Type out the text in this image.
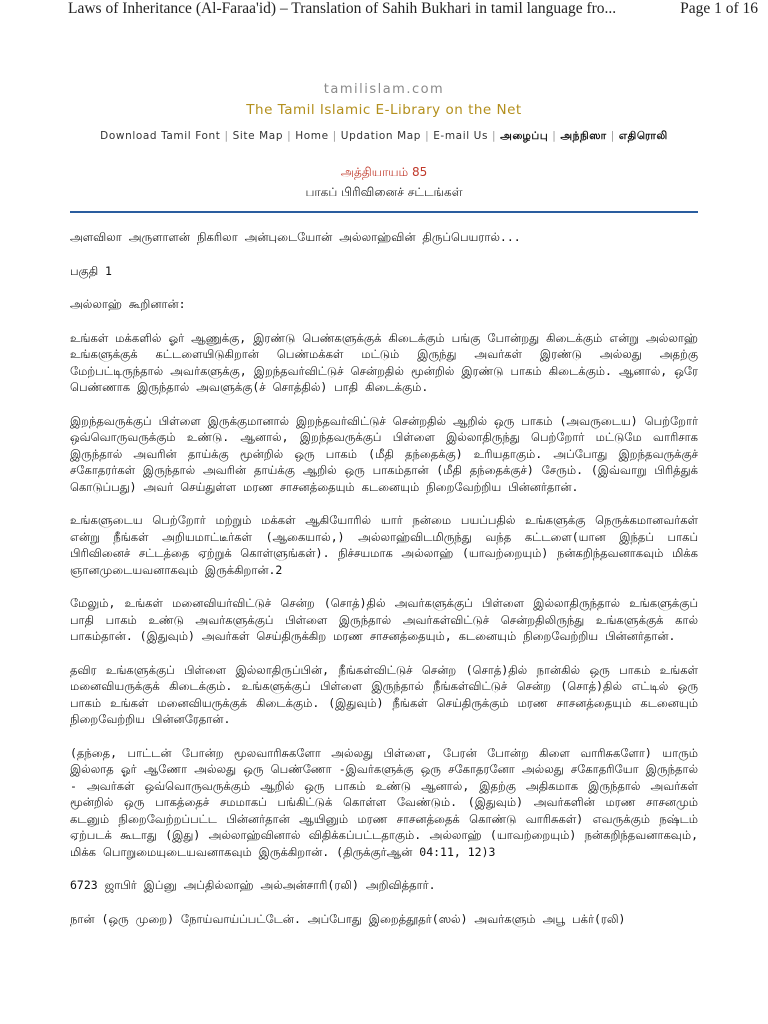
Laws of Inheritance (Al-Faraa'id) – Translation of Sahih Bukhari in tamil language fro...	Page 1 of 16
tamilislam.com
The Tamil Islamic E-Library on the Net
Download Tamil Font | Site Map | Home | Updation Map | E-mail Us | அழைப்பு | அந்நிஸா | எதிரொலி
அத்தியாயம் 85
பாகப் பிரிவினைச் சட்டங்கள்

அளவிலா அருளாளன் நிகரிலா அன்புடையோன் அல்லாஹ்வின் திருப்பெயரால்...

பகுதி 1

அல்லாஹ் கூறினான்:

உங்கள் மக்களில் ஓர் ஆணுக்கு, இரண்டு பெண்களுக்குக் கிடைக்கும் பங்கு போன்றது கிடைக்கும் என்று அல்லாஹ் உங்களுக்குக் கட்டளையிடுகிறான் பெண்மக்கள் மட்டும் இருந்து அவர்கள் இரண்டு அல்லது அதற்கு மேற்பட்டிருந்தால் அவர்களுக்கு, இறந்தவர்விட்டுச் சென்றதில் மூன்றில் இரண்டு பாகம் கிடைக்கும். ஆனால், ஒரே பெண்ணாக இருந்தால் அவளுக்கு(ச் சொத்தில்) பாதி கிடைக்கும்.

இறந்தவருக்குப் பிள்ளை இருக்குமானால் இறந்தவர்விட்டுச் சென்றதில் ஆறில் ஒரு பாகம் (அவருடைய) பெற்றோர் ஒவ்வொருவருக்கும் உண்டு. ஆனால், இறந்தவருக்குப் பிள்ளை இல்லாதிருந்து பெற்றோர் மட்டுமே வாரிசாக இருந்தால் அவரின் தாய்க்கு மூன்றில் ஒரு பாகம் (மீதி தந்தைக்கு) உரியதாகும். அப்போது இறந்தவருக்குச் சகோதரர்கள் இருந்தால் அவரின் தாய்க்கு ஆறில் ஒரு பாகம்தான் (மீதி தந்தைக்குச்) சேரும். (இவ்வாறு பிரித்துக் கொடுப்பது) அவர் செய்துள்ள மரண சாசனத்தையும் கடனையும் நிறைவேற்றிய பின்னர்தான்.

உங்களுடைய பெற்றோர் மற்றும் மக்கள் ஆகியோரில் யார் நன்மை பயப்பதில் உங்களுக்கு நெருக்கமானவர்கள் என்று நீங்கள் அறியமாட்டீர்கள் (ஆகையால்,) அல்லாஹ்விடமிருந்து வந்த கட்டளை(யான இந்தப் பாகப் பிரிவினைச் சட்டத்தை ஏற்றுக் கொள்ளுங்கள்). நிச்சயமாக அல்லாஹ் (யாவற்றையும்) நன்கறிந்தவனாகவும் மிக்க ஞானமுடையவனாகவும் இருக்கிறான்.2

மேலும், உங்கள் மனைவியர்விட்டுச் சென்ற (சொத்)தில் அவர்களுக்குப் பிள்ளை இல்லாதிருந்தால் உங்களுக்குப் பாதி பாகம் உண்டு அவர்களுக்குப் பிள்ளை இருந்தால் அவர்கள்விட்டுச் சென்றதிலிருந்து உங்களுக்குக் கால் பாகம்தான். (இதுவும்) அவர்கள் செய்திருக்கிற மரண சாசனத்தையும், கடனையும் நிறைவேற்றிய பின்னர்தான்.

தவிர உங்களுக்குப் பிள்ளை இல்லாதிருப்பின், நீங்கள்விட்டுச் சென்ற (சொத்)தில் நான்கில் ஒரு பாகம் உங்கள் மனைவியருக்குக் கிடைக்கும். உங்களுக்குப் பிள்ளை இருந்தால் நீங்கள்விட்டுச் சென்ற (சொத்)தில் எட்டில் ஒரு பாகம் உங்கள் மனைவியருக்குக் கிடைக்கும். (இதுவும்) நீங்கள் செய்திருக்கும் மரண சாசனத்தையும் கடனையும் நிறைவேற்றிய பின்னரேதான்.

(தந்தை, பாட்டன் போன்ற மூலவாரிசுகளோ அல்லது பிள்ளை, பேரன் போன்ற கிளை வாரிசுகளோ) யாரும் இல்லாத ஓர் ஆணோ அல்லது ஒரு பெண்ணோ -இவர்களுக்கு ஒரு சகோதரனோ அல்லது சகோதரியோ இருந்தால் - அவர்கள் ஒவ்வொருவருக்கும் ஆறில் ஒரு பாகம் உண்டு ஆனால், இதற்கு அதிகமாக இருந்தால் அவர்கள் மூன்றில் ஒரு பாகத்தைச் சமமாகப் பங்கிட்டுக் கொள்ள வேண்டும். (இதுவும்) அவர்களின் மரண சாசனமும் கடனும் நிறைவேற்றப்பட்ட பின்னர்தான் ஆயினும் மரண சாசனத்தைக் கொண்டு வாரிசுகள்) எவருக்கும் நஷ்டம் ஏற்படக் கூடாது (இது) அல்லாஹ்வினால் விதிக்கப்பட்டதாகும். அல்லாஹ் (யாவற்றையும்) நன்கறிந்தவனாகவும், மிக்க பொறுமையுடையவனாகவும் இருக்கிறான். (திருக்குர்ஆன் 04:11, 12)3

6723 ஜாபிர் இப்னு அப்தில்லாஹ் அல்அன்சாரி(ரலி) அறிவித்தார்.

நான் (ஒரு முறை) நோய்வாய்ப்பட்டேன். அப்போது இறைத்தூதர்(ஸல்) அவர்களும் அபூ பக்ர்(ரலி)
